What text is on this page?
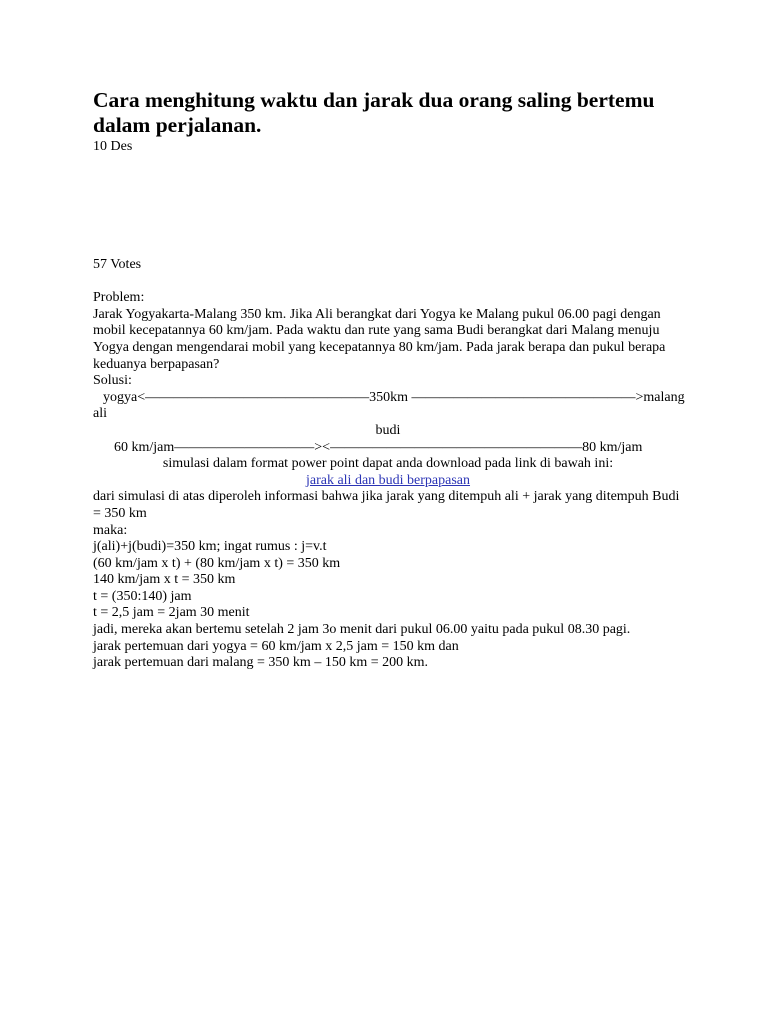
Cara menghitung waktu dan jarak dua orang saling bertemu dalam perjalanan.
10 Des
57 Votes
Problem:
Jarak Yogyakarta-Malang 350 km. Jika Ali berangkat dari Yogya ke Malang pukul 06.00 pagi dengan mobil kecepatannya 60 km/jam. Pada waktu dan rute yang sama Budi berangkat dari Malang menuju Yogya dengan mengendarai mobil yang kecepatannya 80 km/jam. Pada jarak berapa dan pukul berapa keduanya berpapasan?
Solusi:
yogya<————————————————350km ————————————————>malang
ali
budi
60 km/jam——————————><——————————————————80 km/jam
simulasi dalam format power point dapat anda download pada link di bawah ini:
jarak ali dan budi berpapasan
dari simulasi di atas diperoleh informasi bahwa jika jarak yang ditempuh ali + jarak yang ditempuh Budi = 350 km
maka:
j(ali)+j(budi)=350 km; ingat rumus : j=v.t
(60 km/jam x t) + (80 km/jam x t) = 350 km
140 km/jam x t = 350 km
t = (350:140) jam
t = 2,5 jam = 2jam 30 menit
jadi, mereka akan bertemu setelah 2 jam 3o menit dari pukul 06.00 yaitu pada pukul 08.30 pagi.
jarak pertemuan dari yogya = 60 km/jam x 2,5 jam = 150 km dan
jarak pertemuan dari malang = 350 km – 150 km = 200 km.
